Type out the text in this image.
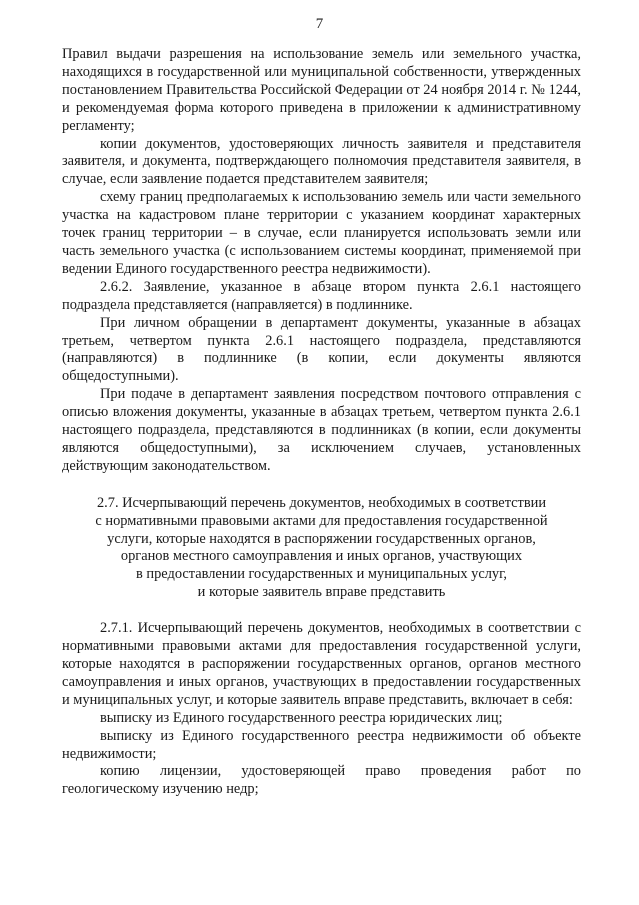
7

Правил выдачи разрешения на использование земель или земельного участка, находящихся в государственной или муниципальной собственности, утвержденных постановлением Правительства Российской Федерации от 24 ноября 2014 г. № 1244, и рекомендуемая форма которого приведена в приложении к административному регламенту;

копии документов, удостоверяющих личность заявителя и представителя заявителя, и документа, подтверждающего полномочия представителя заявителя, в случае, если заявление подается представителем заявителя;

схему границ предполагаемых к использованию земель или части земельного участка на кадастровом плане территории с указанием координат характерных точек границ территории – в случае, если планируется использовать земли или часть земельного участка (с использованием системы координат, применяемой при ведении Единого государственного реестра недвижимости).

2.6.2. Заявление, указанное в абзаце втором пункта 2.6.1 настоящего подраздела представляется (направляется) в подлиннике.

При личном обращении в департамент документы, указанные в абзацах третьем, четвертом пункта 2.6.1 настоящего подраздела, представляются (направляются) в подлиннике (в копии, если документы являются общедоступными).

При подаче в департамент заявления посредством почтового отправления с описью вложения документы, указанные в абзацах третьем, четвертом пункта 2.6.1 настоящего подраздела, представляются в подлинниках (в копии, если документы являются общедоступными), за исключением случаев, установленных действующим законодательством.

2.7. Исчерпывающий перечень документов, необходимых в соответствии
с нормативными правовыми актами для предоставления государственной
услуги, которые находятся в распоряжении государственных органов,
органов местного самоуправления и иных органов, участвующих
в предоставлении государственных и муниципальных услуг,
и которые заявитель вправе представить

2.7.1. Исчерпывающий перечень документов, необходимых в соответствии с нормативными правовыми актами для предоставления государственной услуги, которые находятся в распоряжении государственных органов, органов местного самоуправления и иных органов, участвующих в предоставлении государственных и муниципальных услуг, и которые заявитель вправе представить, включает в себя:

выписку из Единого государственного реестра юридических лиц;

выписку из Единого государственного реестра недвижимости об объекте недвижимости;

копию лицензии, удостоверяющей право проведения работ по геологическому изучению недр;
